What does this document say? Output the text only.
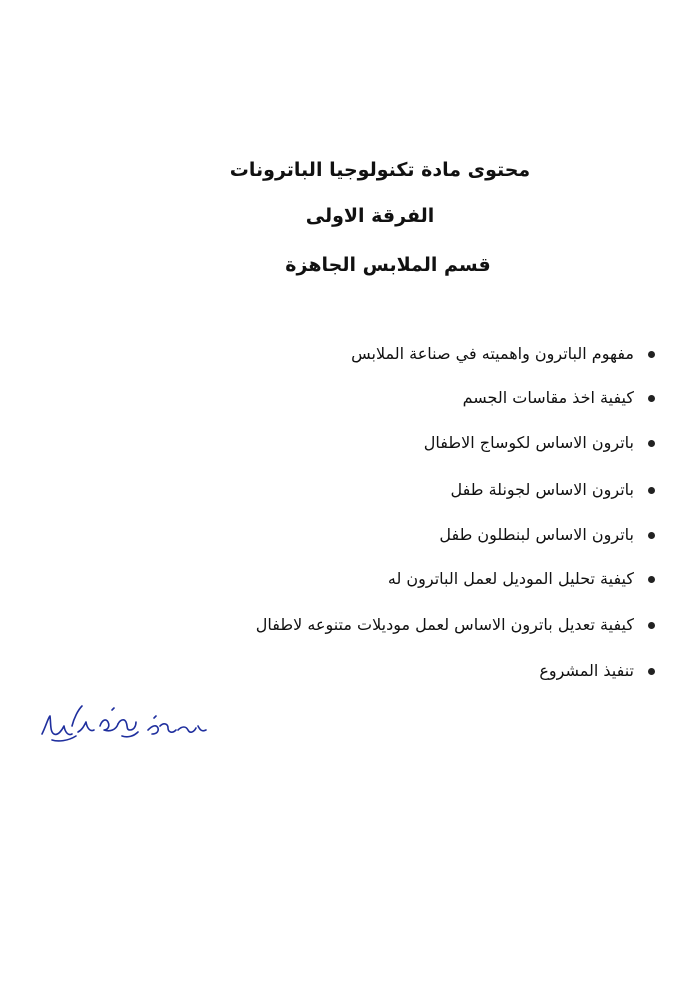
محتوى مادة تكنولوجيا الباترونات
الفرقة الاولى
قسم الملابس الجاهزة
مفهوم الباترون واهميته في صناعة الملابس
كيفية اخذ مقاسات الجسم
باترون الاساس لكوساج الاطفال
باترون الاساس لجونلة طفل
باترون الاساس لبنطلون طفل
كيفية تحليل الموديل لعمل الباترون له
كيفية تعديل باترون الاساس لعمل موديلات متنوعه لاطفال
تنفيذ المشروع
